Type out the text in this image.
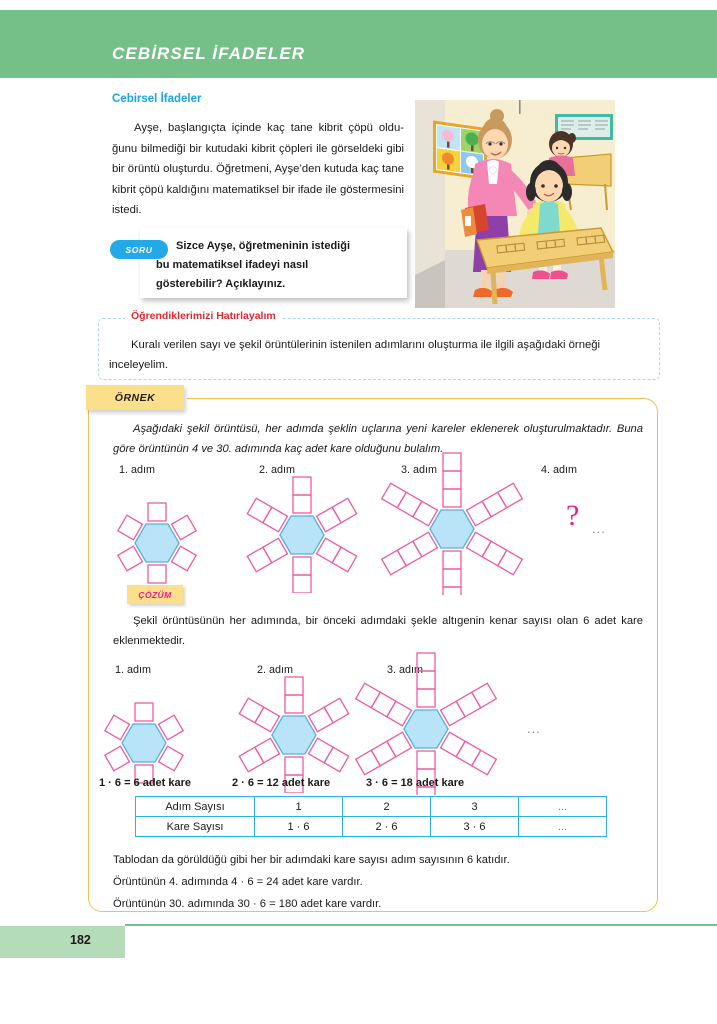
CEBİRSEL İFADELER
Cebirsel İfadeler
Ayşe, başlangıçta içinde kaç tane kibrit çöpü oldu-ğunu bilmediği bir kutudaki kibrit çöpleri ile görseldeki gibi bir örüntü oluşturdu. Öğretmeni, Ayşe’den kutuda kaç tane kibrit çöpü kaldığını matematiksel bir ifade ile göstermesini istedi.
SORU	Sizce Ayşe, öğretmeninin istediği bu matematiksel ifadeyi nasıl gösterebilir? Açıklayınız.
Öğrendiklerimizi Hatırlayalım
Kuralı verilen sayı ve şekil örüntülerinin istenilen adımlarını oluşturma ile ilgili aşağıdaki örneği inceleyelim.
ÖRNEK
Aşağıdaki şekil örüntüsü, her adımda şeklin uçlarına yeni kareler eklenerek oluşturulmaktadır. Buna göre örüntünün 4 ve 30. adımında kaç adet kare olduğunu bulalım.
1. adım	2. adım	3. adım	4. adım
? ...
ÇÖZÜM
Şekil örüntüsünün her adımında, bir önceki adımdaki şekle altıgenin kenar sayısı olan 6 adet kare eklenmektedir.
1. adım	2. adım	3. adım
...
1 · 6 = 6 adet kare	2 · 6 = 12 adet kare	3 · 6 = 18 adet kare
Tablodan da görüldüğü gibi her bir adımdaki kare sayısı adım sayısının 6 katıdır.
Örüntünün 4. adımında 4 · 6 = 24 adet kare vardır.
Örüntünün 30. adımında 30 · 6 = 180 adet kare vardır.
Adım Sayısı	1	2	3	...
Kare Sayısı	1 · 6	2 · 6	3 · 6	...
182
